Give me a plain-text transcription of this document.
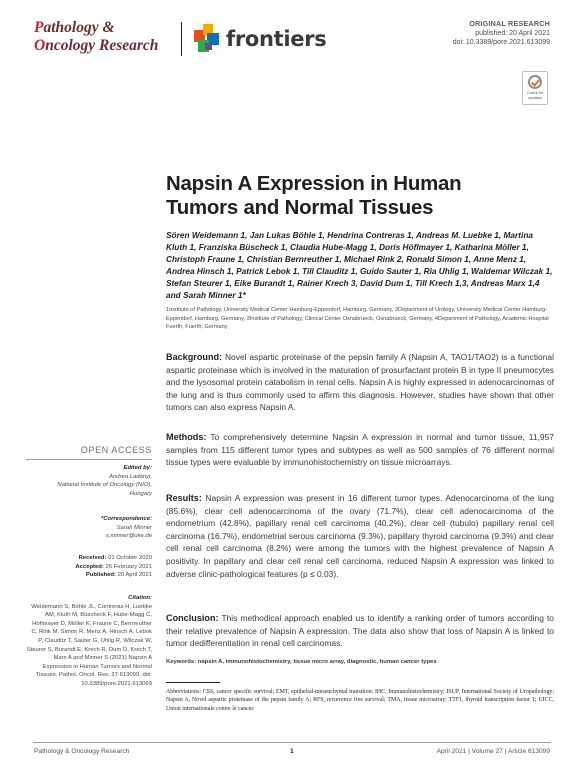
Pathology &
Oncology Research	frontiers
ORIGINAL RESEARCH
published: 20 April 2021
doi: 10.3389/pore.2021.613099
Check for
updates
Napsin A Expression in Human Tumors and Normal Tissues
Sören Weidemann 1, Jan Lukas Böhle 1, Hendrina Contreras 1, Andreas M. Luebke 1, Martina Kluth 1, Franziska Büscheck 1, Claudia Hube-Magg 1, Doris Höflmayer 1, Katharina Möller 1, Christoph Fraune 1, Christian Bernreuther 1, Michael Rink 2, Ronald Simon 1, Anne Menz 1, Andrea Hinsch 1, Patrick Lebok 1, Till Clauditz 1, Guido Sauter 1, Ria Uhlig 1, Waldemar Wilczak 1, Stefan Steurer 1, Eike Burandt 1, Rainer Krech 3, David Dum 1, Till Krech 1,3, Andreas Marx 1,4 and Sarah Minner 1*
1Institute of Pathology, University Medical Center Hamburg-Eppendorf, Hamburg, Germany, 2Department of Urology, University Medical Center Hamburg-Eppendorf, Hamburg, Germany, 3Institute of Pathology, Clinical Center Osnabrueck, Osnabrueck, Germany, 4Department of Pathology, Academic Hospital Fuerth, Fuerth, Germany

Background: Novel aspartic proteinase of the pepsin family A (Napsin A, TAO1/TAO2) is a functional aspartic proteinase which is involved in the maturation of prosurfactant protein B in type II pneumocytes and the lysosomal protein catabolism in renal cells. Napsin A is highly expressed in adenocarcinomas of the lung and is thus commonly used to affirm this diagnosis. However, studies have shown that other tumors can also express Napsin A.

Methods: To comprehensively determine Napsin A expression in normal and tumor tissue, 11,957 samples from 115 different tumor types and subtypes as well as 500 samples of 76 different normal tissue types were evaluable by immunohistochemistry on tissue microarrays.

Results: Napsin A expression was present in 16 different tumor types. Adenocarcinoma of the lung (85.6%), clear cell adenocarcinoma of the ovary (71.7%), clear cell adenocarcinoma of the endometrium (42.8%), papillary renal cell carcinoma (40.2%), clear cell (tubulo) papillary renal cell carcinoma (16.7%), endometrial serous carcinoma (9.3%), papillary thyroid carcinoma (9.3%) and clear cell renal cell carcinoma (8.2%) were among the tumors with the highest prevalence of Napsin A positivity. In papillary and clear cell renal cell carcinoma, reduced Napsin A expression was linked to adverse clinic-pathological features (p ≤ 0.03).

Conclusion: This methodical approach enabled us to identify a ranking order of tumors according to their relative prevalence of Napsin A expression. The data also show that loss of Napsin A is linked to tumor dedifferentiation in renal cell carcinomas.

Keywords: napsin A, immunohistochemistry, tissue micro array, diagnostic, human cancer types
Abbreviations: CSS, cancer specific survival; EMT, epithelial-mesenchymal transition; IHC, Immunohistochemistry; ISUP, International Society of Uropathology; Napsin A, Novel aspartic proteinase of the pepsin family A; RFS, recurrence free survival; TMA, tissue microarray; TTF1, thyroid transcription factor 1; UICC, Union internationale contre le cancer.
OPEN ACCESS
Edited by:
Andrea Ladányi,
National Institute of Oncology (NIO),
Hungary
*Correspondence:
Sarah Minner
s.minner@uke.de
Received: 01 October 2020
Accepted: 26 February 2021
Published: 20 April 2021
Citation:
Weidemann S, Böhle JL, Contreras H, Luebke AM, Kluth M, Büscheck F, Hube-Magg C, Höflmayer D, Möller K, Fraune C, Bernreuther C, Rink M, Simon R, Menz A, Hinsch A, Lebok P, Clauditz T, Sauter G, Uhlig R, Wilczak W, Steurer S, Burandt E, Krech R, Dum D, Krech T, Marx A and Minner S (2021) Napsin A Expression in Human Tumors and Normal Tissues. Pathol. Oncol. Res. 27:613099. doi: 10.3389/pore.2021.613099
Pathology & Oncology Research	1	April 2021 | Volume 27 | Article 613099
